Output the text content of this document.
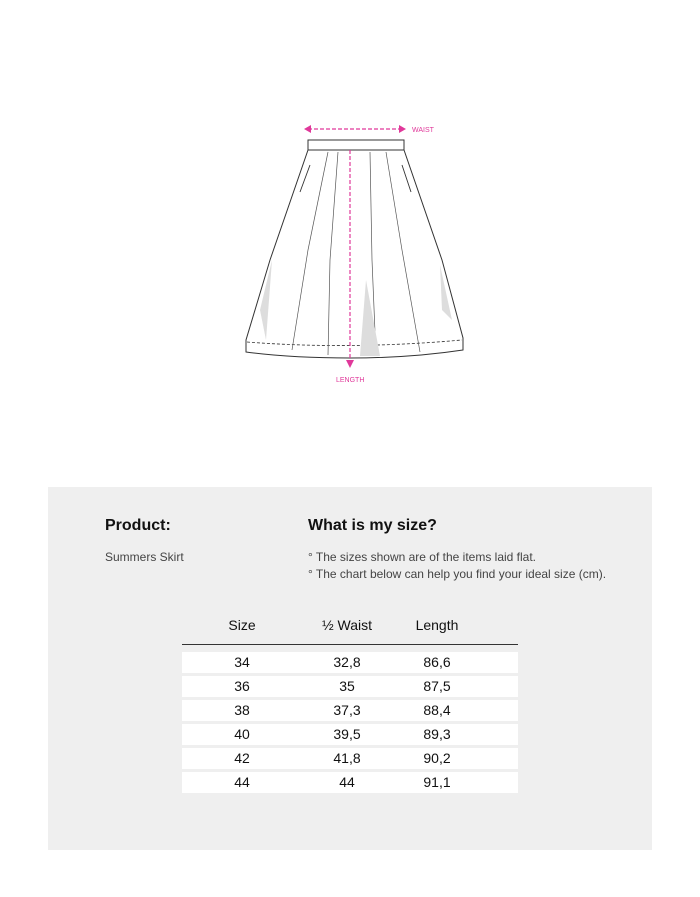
WAIST
LENGTH
Product:
Summers Skirt
What is my size?
° The sizes shown are of the items laid flat.
° The chart below can help you find your ideal size (cm).
Size	½ Waist	Length
34	32,8	86,6
36	35	87,5
38	37,3	88,4
40	39,5	89,3
42	41,8	90,2
44	44	91,1
